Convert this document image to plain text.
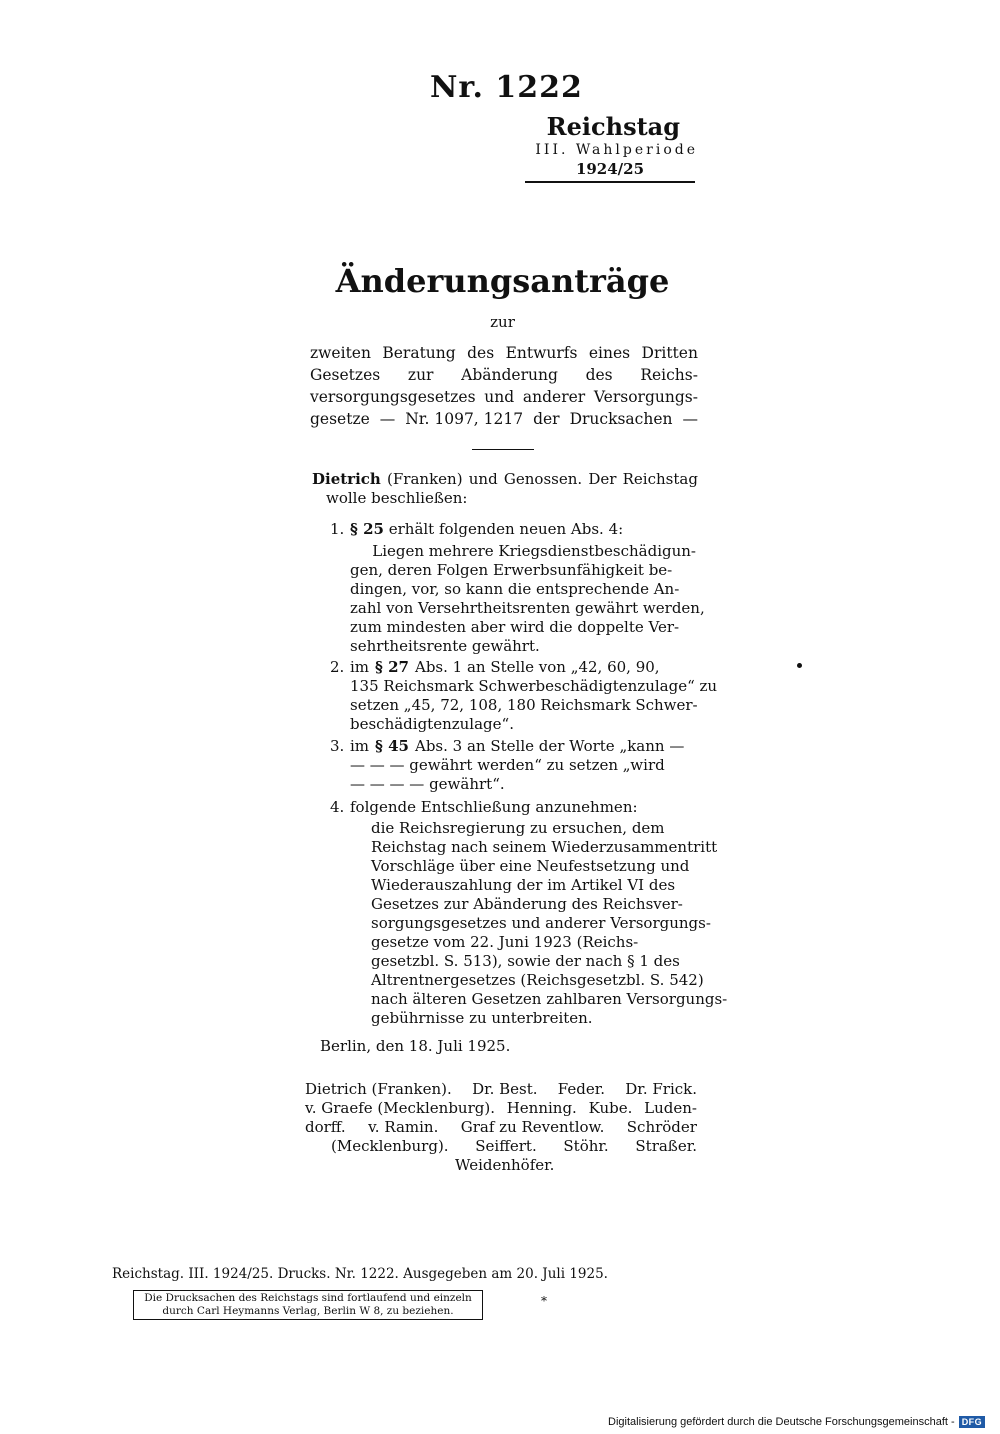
Nr. 1222
Reichstag
III. Wahlperiode
1924/25
Änderungsanträge
zur
zweiten Beratung des Entwurfs eines Dritten
Gesetzes zur Abänderung des Reichs-
versorgungsgesetzes und anderer Versorgungs-
gesetze — Nr. 1097, 1217 der Drucksachen —
Dietrich (Franken) und Genossen. Der Reichstag
wolle beschließen:
1. § 25 erhält folgenden neuen Abs. 4:
Liegen mehrere Kriegsdienstbeschädigun-
gen, deren Folgen Erwerbsunfähigkeit be-
dingen, vor, so kann die entsprechende An-
zahl von Versehrtheitsrenten gewährt werden,
zum mindesten aber wird die doppelte Ver-
sehrtheitsrente gewährt.
2. im § 27 Abs. 1 an Stelle von „42, 60, 90,
135 Reichsmark Schwerbeschädigtenzulage“ zu
setzen „45, 72, 108, 180 Reichsmark Schwer-
beschädigtenzulage“.
3. im § 45 Abs. 3 an Stelle der Worte „kann —
— — — gewährt werden“ zu setzen „wird
— — — — gewährt“.
4. folgende Entschließung anzunehmen:
die Reichsregierung zu ersuchen, dem
Reichstag nach seinem Wiederzusammentritt
Vorschläge über eine Neufestsetzung und
Wiederauszahlung der im Artikel VI des
Gesetzes zur Abänderung des Reichsver-
sorgungsgesetzes und anderer Versorgungs-
gesetze vom 22. Juni 1923 (Reichs-
gesetzbl. S. 513), sowie der nach § 1 des
Altrentnergesetzes (Reichsgesetzbl. S. 542)
nach älteren Gesetzen zahlbaren Versorgungs-
gebührnisse zu unterbreiten.
Berlin, den 18. Juli 1925.
Dietrich (Franken). Dr. Best. Feder. Dr. Frick.
v. Graefe (Mecklenburg). Henning. Kube. Luden-
dorff. v. Ramin. Graf zu Reventlow. Schröder
(Mecklenburg). Seiffert. Stöhr. Straßer.
Weidenhöfer.
Reichstag. III. 1924/25. Drucks. Nr. 1222. Ausgegeben am 20. Juli 1925.
Die Drucksachen des Reichstags sind fortlaufend und einzeln
durch Carl Heymanns Verlag, Berlin W 8, zu beziehen.
*
Digitalisierung gefördert durch die Deutsche Forschungsgemeinschaft - DFG
